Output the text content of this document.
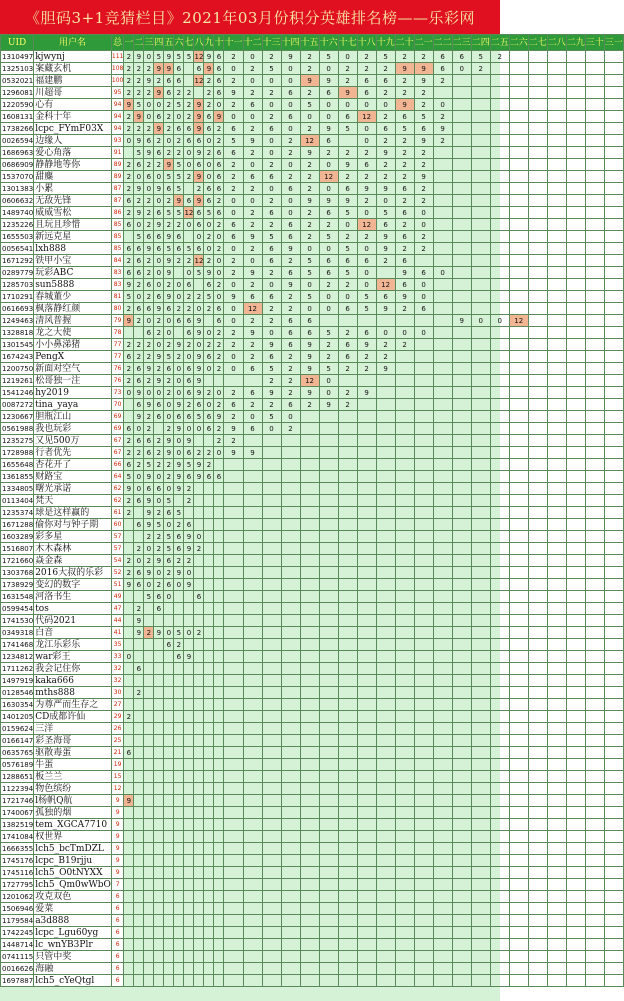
《胆码3+1竞猜栏目》2021年03月份积分英雄排名榜——乐彩网
UID	用户名	总	一	二	三	四	五	六	七	八	九	十	十一	十二	十三	十四	十五	十六	十七	十八	十九	二十	二一	二二	二三	二四	二五	二六	二七	二八	二九	三十	三一
1310497	kjwynj	111	2	9	0	5	9	5	5	12	9	6	2	0	2	9	2	5	0	2	5	2	2	6	6	5	2						
1325103	案藏玄机	108	2	2	2	9	9	6		6	9	6	0	2	5	0	2	0	2	2	2	9	9	6	0	2							
0532021	福建鹏	100	2	2	9	2	6	6		12	2	6	2	0	0	0	9	9	2	6	6	2	9	2									
1296081	川超哥	95	2	2	2	9	6	2	2		2	6	9	2	2	6	2	6	9	6	2	2	2										
1220590	心有	94	9	5	0	0	2	5	2	9	2	0	2	6	0	0	5	0	0	0	0	9	2	0									
1608131	金科十年	94	2	9	0	6	2	0	2	9	6	9	0	0	2	6	0	0	6	12	2	6	5	2									
1738266	lcpc_FYmF03X	94	2	2	2	9	2	6	6	9	6	2	6	2	6	0	2	9	5	0	6	5	6	9									
0026594	边缘人	93	0	9	6	2	0	2	6	6	0	2	5	9	0	2	12	6		0	2	2	9	2									
1686963	爱心角落	91		5	9	6	2	2	0	9	2	6	6	2	0	2	9	2	2	2	9	2	2										
0686909	静静地等你	89	2	6	2	2	9	5	0	6	0	6	2	0	2	0	2	0	9	6	2	2	2										
1537070	甜麋	89	2	0	6	0	5	5	2	9	0	6	2	6	6	2	2	12	2	2	2	2	9										
1301383	小累	87	2	9	0	9	6	5		2	6	6	2	2	0	6	2	0	6	9	9	6	2										
0606632	无敌先锋	87	6	2	2	0	2	9	6	9	6	2	0	0	2	0	9	9	9	2	0	2	2										
1489740	威威雪松	86	2	9	2	6	5	5	12	6	5	6	0	2	6	0	2	6	5	0	5	6	0										
1235226	且玩且珍惜	85	6	0	2	9	2	2	0	6	0	2	6	2	2	6	2	2	0	12	6	2	0										
1655503	新远克星	85		5	6	6	9	6		0	2	0	6	9	5	6	2	5	2	2	9	6	2										
0056541	lxh888	85	6	6	9	6	5	6	5	6	0	2	0	2	6	9	0	0	5	0	9	2	2										
1671292	铁甲小宝	84	2	6	2	0	9	2	2	12	2	0	2	0	6	2	5	6	6	6	2	6											
0289779	玩彩ABC	83	6	6	2	0	9		0	5	9	0	2	9	2	6	5	6	5	0		9	6	0									
1285703	sun5888	83	9	2	6	0	2	0	6		6	2	0	2	0	9	0	2	2	0	12	6	0										
1710291	春城董少	81	5	0	2	6	9	0	2	2	5	0	9	6	6	2	5	0	0	5	6	9	0										
0616693	枫落静红颜	80	2	6	6	9	6	2	2	0	2	6	0	12	2	2	0	0	6	5	9	2	6										
1249463	清风普握	79	9	2	0	2	0	6	6	9		6	0	2	2	6	6								9	0	0	12					
1328818	龙之大使	78			6	2	0		6	9	0	2	2	9	0	6	6	5	2	6	0	0	0										
1301545	小小鼻涕猪	77	2	2	2	0	2	9	2	0	2	2	2	2	9	6	9	2	6	9	2	2											
1674243	PengX	77	6	2	2	9	5	2	0	9	6	2	0	2	6	2	9	2	6	2	2												
1200750	新面对空气	76	2	6	9	2	6	0	6	9	0	2	0	6	5	2	9	5	2	2	9												
1219261	松哥独一注	76	2	6	2	9	2	0	6	9					2	2	12	0															
1541246	hy2019	73	0	9	0	0	2	0	6	9	2	0	2	6	9	2	9	0	2	9													
0087272	tina_yaya	70		6	9	6	0	9	2	6	0	2	6	2	2	6	2	9	2														
1230667	胆瓶江山	69		9	2	6	0	6	6	5	6	9	2	0	5	0																	
0561988	我也玩彩	69	6	0	2		2	9	0	0	6	2	9	6	0	2																	
1235275	又见500万	67	2	6	6	2	9	0	9			2	2																				
1728988	行者优先	67	2	2	6	2	9	0	6	2	2	0	9	9																			
1655648	杏花开了	66	6	2	5	2	2	9	5	9	2																						
1361855	财路宝	64	5	0	9	0	2	9	6	9	6	6																					
1334805	曙光承诺	62	9	0	6	6	0	9	2																								
0113404	梵天	62	2	6	9	0	5		2																								
1235374	球是这样赢的	61	2		9	2	6	5																									
1671288	偷你对与钟子期	60		6	9	5	0	2	6																								
1603289	彩多星	57			2	2	5	6	9	0																							
1516807	木木森林	57		2	0	2	5	6	9	2																							
1721660	焱金森	54	2	0	2	9	6	2	2																								
1303768	2016大叔的乐彩	52	2	6	9	0	2	9	0																								
1738929	变幻的数字	51	9	6	0	2	6	0	9																								
1631548	河洛书生	49			5	6	0			6																							
0599454	tos	47		2		6																											
1741530	代码2021	44		9																													
0349318	白音	41		9	2	9	0	5	0	2																							
1741468	龙江乐彩乐	35					6	2																									
1234812	war彩王	33	0					6	9																								
1711262	我会记住你	32		6																													
1497919	kaka666	32																															
0128546	mths888	30		2																													
1630354	为尊严而生存之	27																															
1401205	CD成都许仙	29	2																														
0159624	三洋	26																															
0166147	彩圣海哥	25																															
0635765	驱散毒蛋	21	6																														
0576189	牛蛋	19																															
1288651	板兰兰	15																															
1122394	物色缤纷	12																															
1721746	l杨帆Q航	9	9																														
1740067	孤独的烟	9																															
1382519	tem_XGCA7710	9																															
1741084	权世界	9																															
1666355	lch5_bcTmDZL	9																															
1745176	lcpc_B19rjju	9																															
1745116	lch5_O0tNYXX	9																															
1727795	lch5_Qm0wWbO	7																															
1201062	攻克双色	6																															
1506946	爱菜	6																															
1179584	a3d888	6																															
1742245	lcpc_Lgu60yg	6																															
1448714	lc_wnYB3Plr	6																															
0741115	只管中奖	6																															
0016626	海融	6																															
1697887	lch5_cYeQtgl	6																															
